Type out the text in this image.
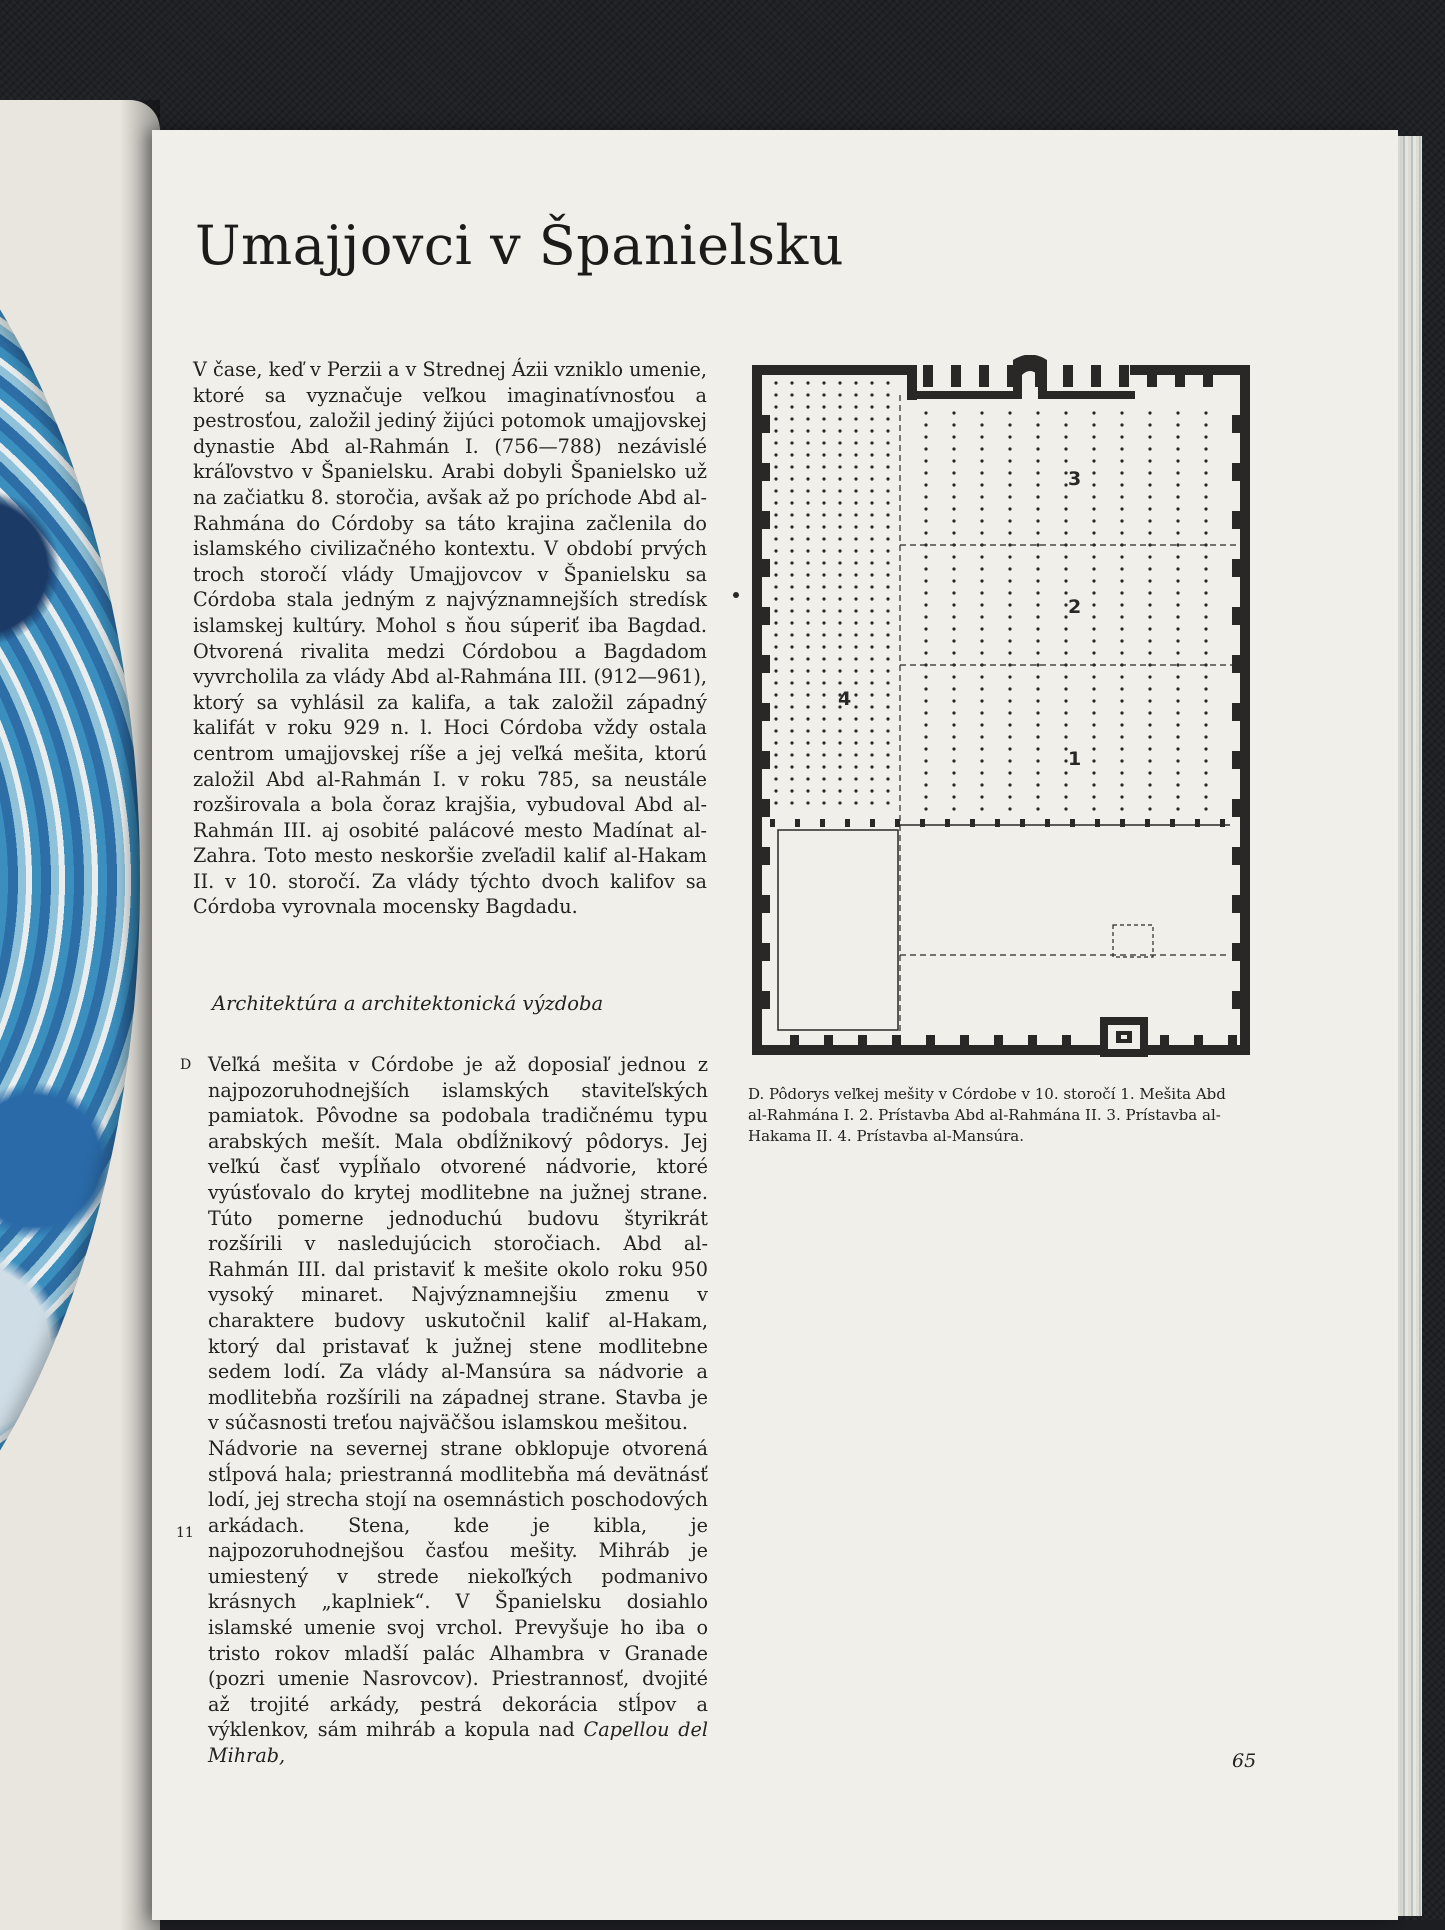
Umajjovci v Španielsku

V čase, keď v Perzii a v Strednej Ázii vzniklo umenie, ktoré sa vyznačuje veľkou imaginatívnosťou a pestrosťou, založil jediný žijúci potomok umajjovskej dynastie Abd al-Rahmán I. (756—788) nezávislé kráľovstvo v Španielsku. Arabi dobyli Španielsko už na začiatku 8. storočia, avšak až po príchode Abd al-Rahmána do Córdoby sa táto krajina začlenila do islamského civilizačného kontextu. V období prvých troch storočí vlády Umajjovcov v Španielsku sa Córdoba stala jedným z najvýznamnejších stredísk islamskej kultúry. Mohol s ňou súperiť iba Bagdad. Otvorená rivalita medzi Córdobou a Bagdadom vyvrcholila za vlády Abd al-Rahmána III. (912—961), ktorý sa vyhlásil za kalifa, a tak založil západný kalifát v roku 929 n. l. Hoci Córdoba vždy ostala centrom umajjovskej ríše a jej veľká mešita, ktorú založil Abd al-Rahmán I. v roku 785, sa neustále rozširovala a bola čoraz krajšia, vybudoval Abd al-Rahmán III. aj osobité palácové mesto Madínat al-Zahra. Toto mesto neskoršie zveľadil kalif al-Hakam II. v 10. storočí. Za vlády týchto dvoch kalifov sa Córdoba vyrovnala mocensky Bagdadu.

Architektúra a architektonická výzdoba
D
11

Veľká mešita v Córdobe je až doposiaľ jednou z najpozoruhodnejších islamských staviteľských pamiatok. Pôvodne sa podobala tradičnému typu arabských mešít. Mala obdĺžnikový pôdorys. Jej veľkú časť vypĺňalo otvorené nádvorie, ktoré vyúsťovalo do krytej modlitebne na južnej strane. Túto pomerne jednoduchú budovu štyrikrát rozšírili v nasledujúcich storočiach. Abd al-Rahmán III. dal pristaviť k mešite okolo roku 950 vysoký minaret. Najvýznamnejšiu zmenu v charaktere budovy uskutočnil kalif al-Hakam, ktorý dal pristavať k južnej stene modlitebne sedem lodí. Za vlády al-Mansúra sa nádvorie a modlitebňa rozšírili na západnej strane. Stavba je v súčasnosti treťou najväčšou islamskou mešitou.

Nádvorie na severnej strane obklopuje otvorená stĺpová hala; priestranná modlitebňa má devätnásť lodí, jej strecha stojí na osemnástich poschodových arkádach. Stena, kde je kibla, je najpozoruhodnejšou časťou mešity. Mihráb je umiestený v strede niekoľkých podmanivo krásnych „kaplniek“. V Španielsku dosiahlo islamské umenie svoj vrchol. Prevyšuje ho iba o tristo rokov mladší palác Alhambra v Granade (pozri umenie Nasrovcov). Priestrannosť, dvojité až trojité arkády, pestrá dekorácia stĺpov a výklenkov, sám mihráb a kopula nad Capellou del Mihrab,

3
2
1
4
D. Pôdorys veľkej mešity v Córdobe v 10. storočí 1. Mešita Abd al-Rahmána I. 2. Prístavba Abd al-Rahmána II. 3. Prístavba al-Hakama II. 4. Prístavba al-Mansúra.
65
